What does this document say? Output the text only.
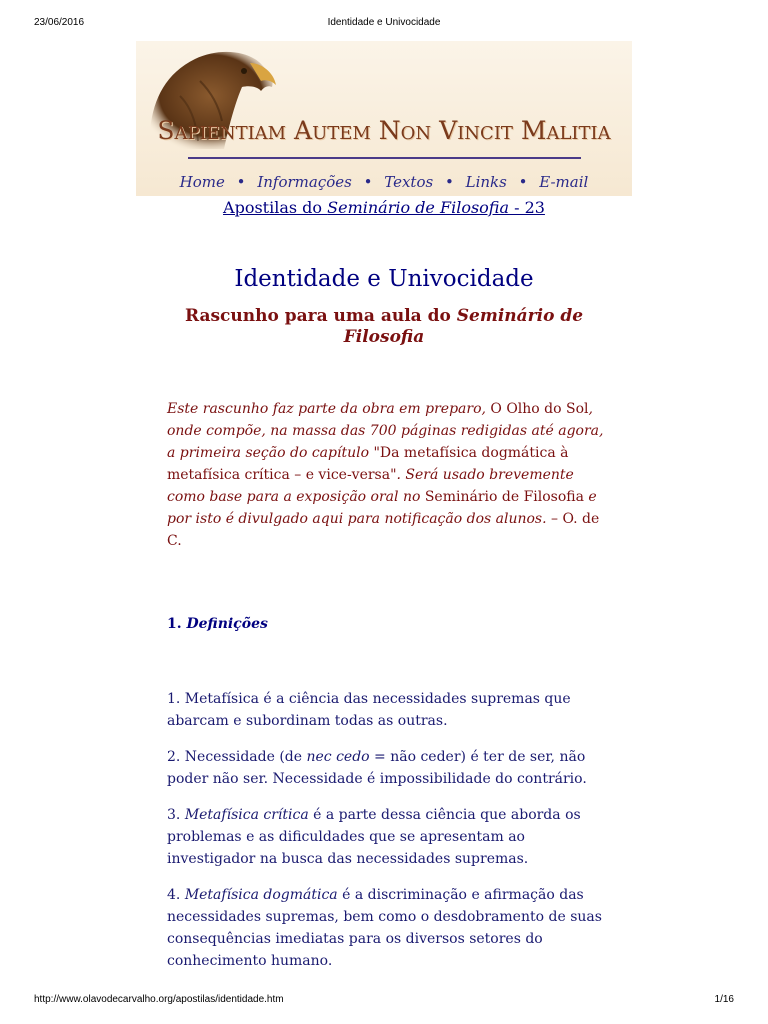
23/06/2016	Identidade e Univocidade
Sapientiam Autem Non Vincit Malitia
Home • Informações • Textos • Links • E-mail
Apostilas do Seminário de Filosofia - 23
Identidade e Univocidade
Rascunho para uma aula do Seminário de Filosofia
Este rascunho faz parte da obra em preparo, O Olho do Sol, onde compõe, na massa das 700 páginas redigidas até agora, a primeira seção do capítulo "Da metafísica dogmática à metafísica crítica – e vice-versa". Será usado brevemente como base para a exposição oral no Seminário de Filosofia e por isto é divulgado aqui para notificação dos alunos. – O. de C.
1. Definições

1. Metafísica é a ciência das necessidades supremas que abarcam e subordinam todas as outras.

2. Necessidade (de nec cedo = não ceder) é ter de ser, não poder não ser. Necessidade é impossibilidade do contrário.

3. Metafísica crítica é a parte dessa ciência que aborda os problemas e as dificuldades que se apresentam ao investigador na busca das necessidades supremas.

4. Metafísica dogmática é a discriminação e afirmação das necessidades supremas, bem como o desdobramento de suas consequências imediatas para os diversos setores do conhecimento humano.

http://www.olavodecarvalho.org/apostilas/identidade.htm	1/16
